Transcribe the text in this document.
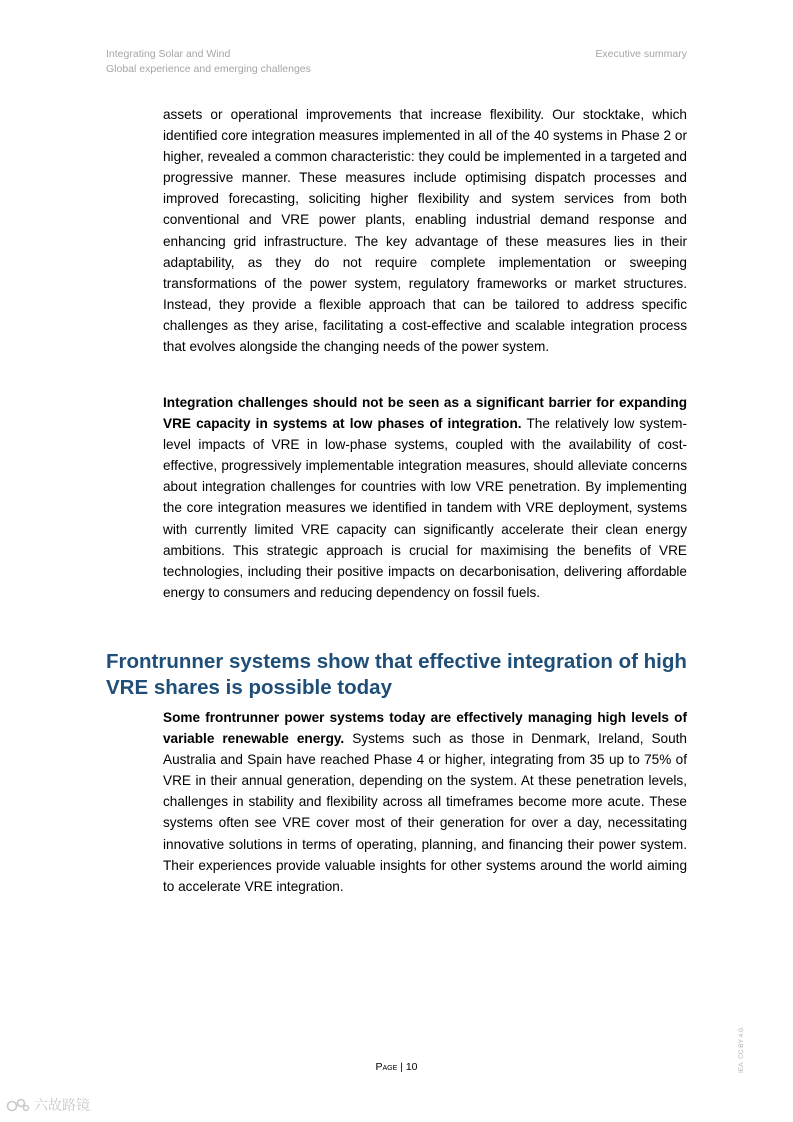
Integrating Solar and Wind
Global experience and emerging challenges
Executive summary

assets or operational improvements that increase flexibility. Our stocktake, which identified core integration measures implemented in all of the 40 systems in Phase 2 or higher, revealed a common characteristic: they could be implemented in a targeted and progressive manner. These measures include optimising dispatch processes and improved forecasting, soliciting higher flexibility and system services from both conventional and VRE power plants, enabling industrial demand response and enhancing grid infrastructure. The key advantage of these measures lies in their adaptability, as they do not require complete implementation or sweeping transformations of the power system, regulatory frameworks or market structures. Instead, they provide a flexible approach that can be tailored to address specific challenges as they arise, facilitating a cost-effective and scalable integration process that evolves alongside the changing needs of the power system.

Integration challenges should not be seen as a significant barrier for expanding VRE capacity in systems at low phases of integration. The relatively low system-level impacts of VRE in low-phase systems, coupled with the availability of cost-effective, progressively implementable integration measures, should alleviate concerns about integration challenges for countries with low VRE penetration. By implementing the core integration measures we identified in tandem with VRE deployment, systems with currently limited VRE capacity can significantly accelerate their clean energy ambitions. This strategic approach is crucial for maximising the benefits of VRE technologies, including their positive impacts on decarbonisation, delivering affordable energy to consumers and reducing dependency on fossil fuels.

Frontrunner systems show that effective integration of high VRE shares is possible today

Some frontrunner power systems today are effectively managing high levels of variable renewable energy. Systems such as those in Denmark, Ireland, South Australia and Spain have reached Phase 4 or higher, integrating from 35 up to 75% of VRE in their annual generation, depending on the system. At these penetration levels, challenges in stability and flexibility across all timeframes become more acute. These systems often see VRE cover most of their generation for over a day, necessitating innovative solutions in terms of operating, planning, and financing their power system. Their experiences provide valuable insights for other systems around the world aiming to accelerate VRE integration.

Page | 10	IEA. CC BY 4.0.
六故路镜
